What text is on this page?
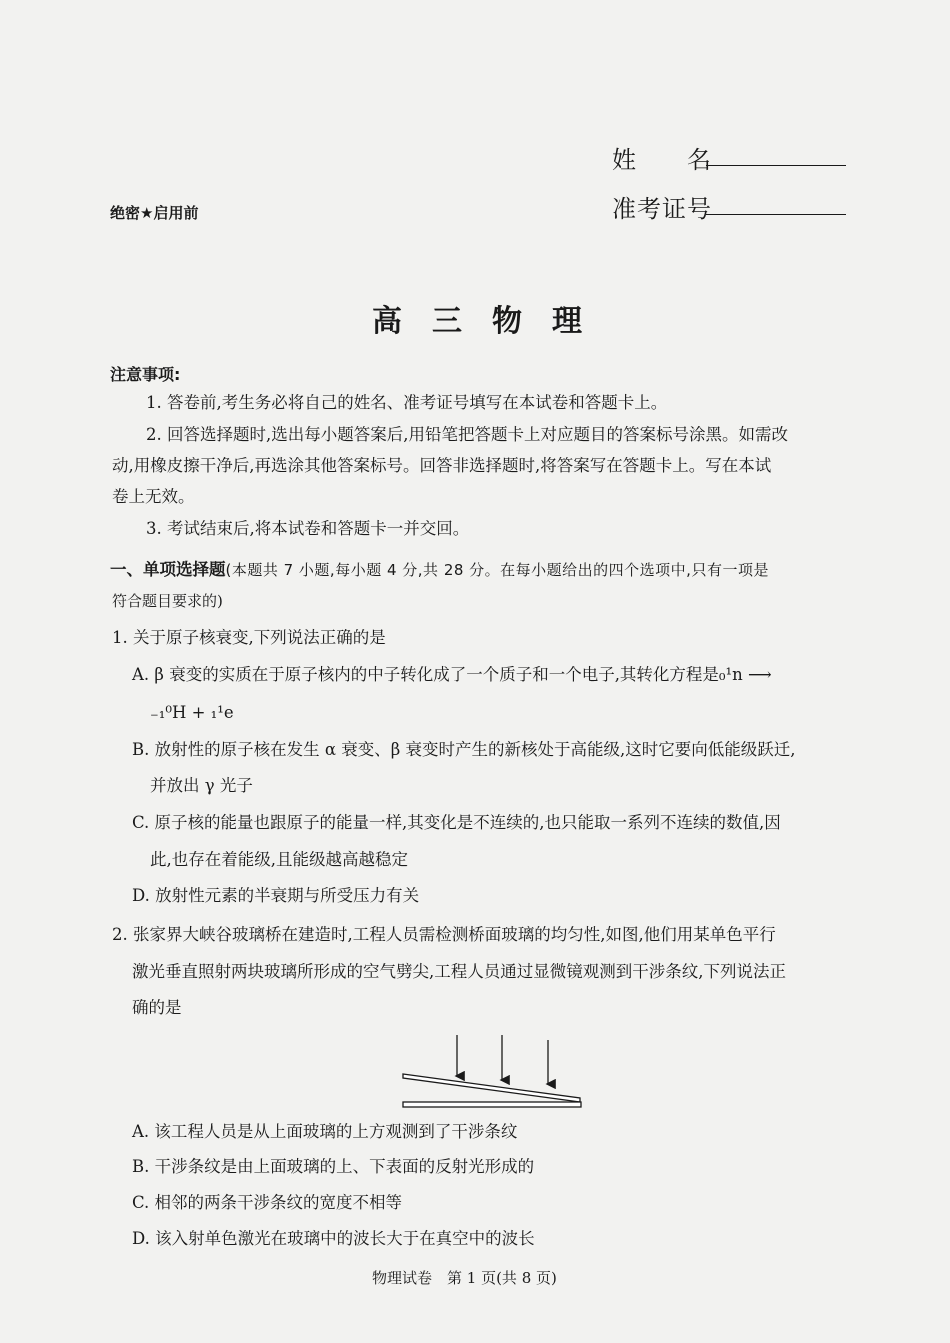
姓　　名
准考证号
绝密★启用前
高三物理
注意事项:
1. 答卷前,考生务必将自己的姓名、准考证号填写在本试卷和答题卡上。
2. 回答选择题时,选出每小题答案后,用铅笔把答题卡上对应题目的答案标号涂黑。如需改
动,用橡皮擦干净后,再选涂其他答案标号。回答非选择题时,将答案写在答题卡上。写在本试
卷上无效。
3. 考试结束后,将本试卷和答题卡一并交回。
一、单项选择题(本题共 7 小题,每小题 4 分,共 28 分。在每小题给出的四个选项中,只有一项是
符合题目要求的)
1. 关于原子核衰变,下列说法正确的是
A. β 衰变的实质在于原子核内的中子转化成了一个质子和一个电子,其转化方程是₀¹n ⟶
₋₁⁰H + ₁¹e
B. 放射性的原子核在发生 α 衰变、β 衰变时产生的新核处于高能级,这时它要向低能级跃迁,
并放出 γ 光子
C. 原子核的能量也跟原子的能量一样,其变化是不连续的,也只能取一系列不连续的数值,因
此,也存在着能级,且能级越高越稳定
D. 放射性元素的半衰期与所受压力有关
2. 张家界大峡谷玻璃桥在建造时,工程人员需检测桥面玻璃的均匀性,如图,他们用某单色平行
激光垂直照射两块玻璃所形成的空气劈尖,工程人员通过显微镜观测到干涉条纹,下列说法正
确的是
A. 该工程人员是从上面玻璃的上方观测到了干涉条纹
B. 干涉条纹是由上面玻璃的上、下表面的反射光形成的
C. 相邻的两条干涉条纹的宽度不相等
D. 该入射单色激光在玻璃中的波长大于在真空中的波长
物理试卷　第 1 页(共 8 页)
